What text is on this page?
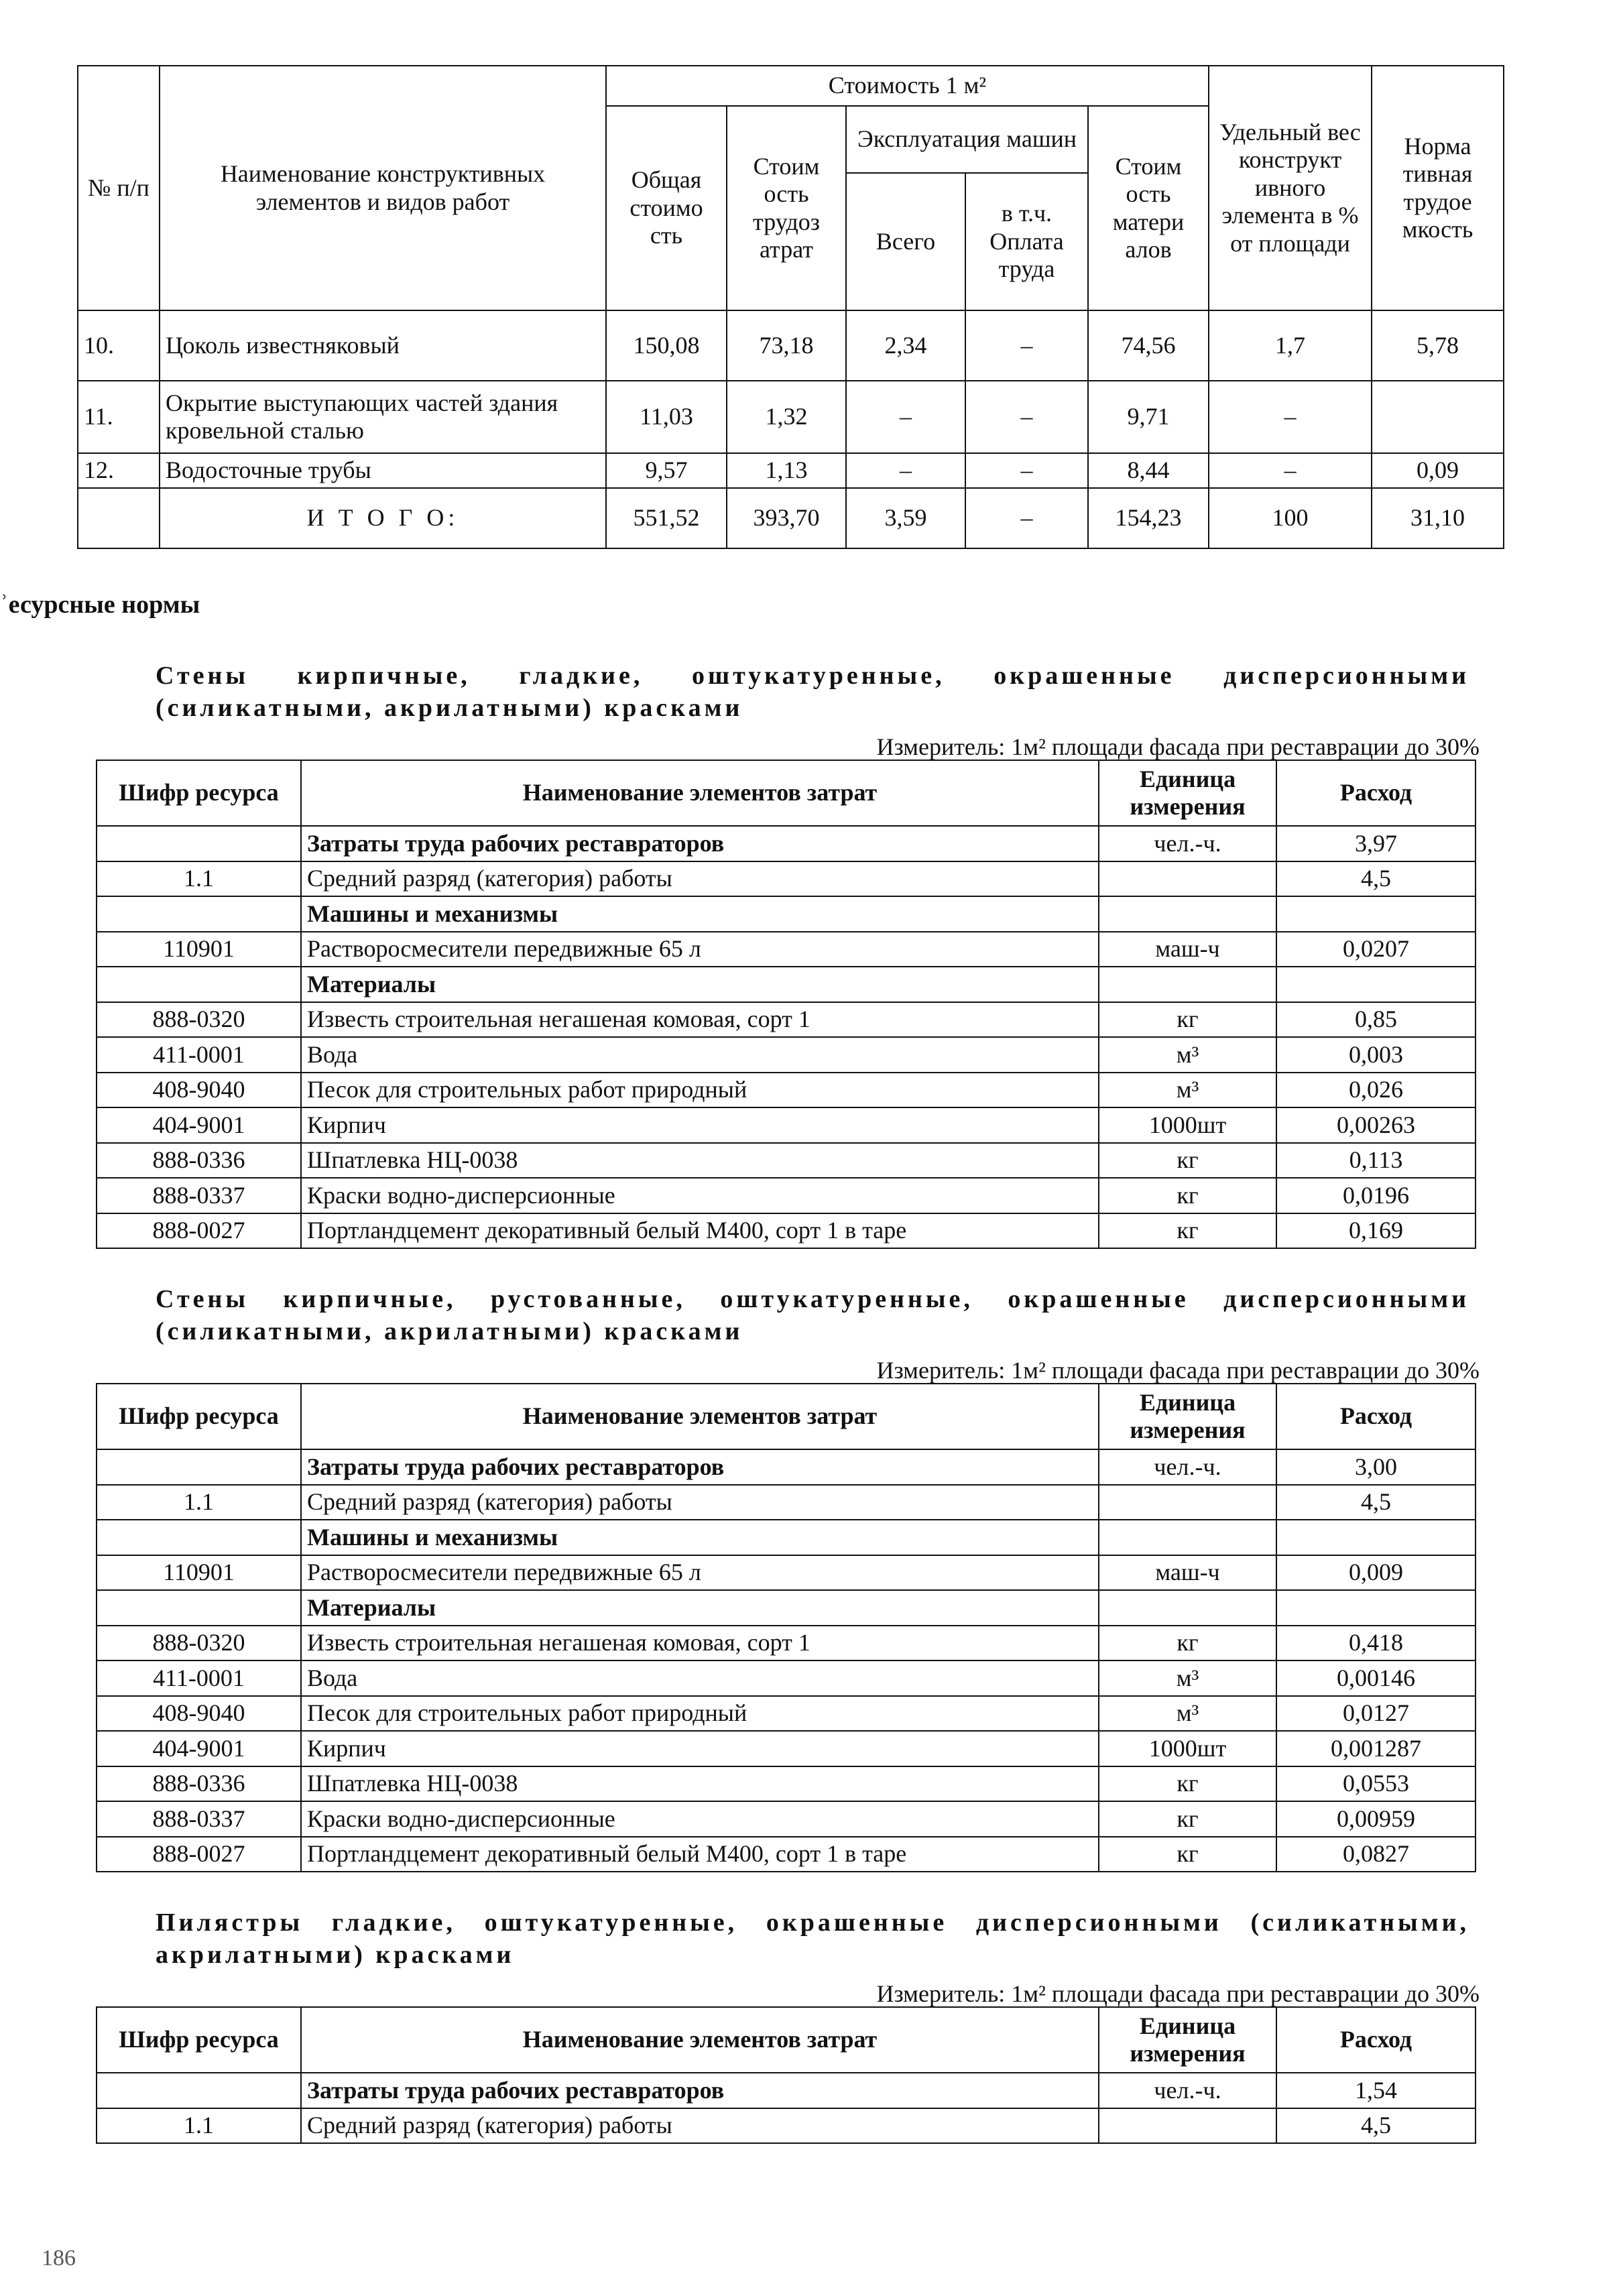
№ п/п	Наименование конструктивных элементов и видов работ	Стоимость 1 м²					Удельный вес конструкт ивного элемента в % от площади	Норма тивная трудое мкость
		Общая стоимо сть	Стоим ость трудоз атрат	Эксплуатация машин		Стоим ость матери алов		
				Всего	в т.ч. Оплата труда			
10.	Цоколь известняковый	150,08	73,18	2,34	–	74,56	1,7	5,78
11.	Окрытие выступающих частей здания кровельной сталью	11,03	1,32	–	–	9,71	–	
12.	Водосточные трубы	9,57	1,13	–	–	8,44	–	0,09
	И Т О Г О:	551,52	393,70	3,59	–	154,23	100	31,10
ʾесурсные нормы
Стены кирпичные, гладкие, оштукатуренные, окрашенные дисперсионными (силикатными, акрилатными) красками
Измеритель: 1м² площади фасада при реставрации до 30%
Шифр ресурса	Наименование элементов затрат	Единица измерения	Расход
	Затраты труда рабочих реставраторов	чел.-ч.	3,97
1.1	Средний разряд (категория) работы		4,5
	Машины и механизмы		
110901	Растворосмесители передвижные 65 л	маш-ч	0,0207
	Материалы		
888-0320	Известь строительная негашеная комовая, сорт 1	кг	0,85
411-0001	Вода	м³	0,003
408-9040	Песок для строительных работ природный	м³	0,026
404-9001	Кирпич	1000шт	0,00263
888-0336	Шпатлевка НЦ-0038	кг	0,113
888-0337	Краски водно-дисперсионные	кг	0,0196
888-0027	Портландцемент декоративный белый М400, сорт 1 в таре	кг	0,169
Стены кирпичные, рустованные, оштукатуренные, окрашенные дисперсионными (силикатными, акрилатными) красками
Измеритель: 1м² площади фасада при реставрации до 30%
Шифр ресурса	Наименование элементов затрат	Единица измерения	Расход
	Затраты труда рабочих реставраторов	чел.-ч.	3,00
1.1	Средний разряд (категория) работы		4,5
	Машины и механизмы		
110901	Растворосмесители передвижные 65 л	маш-ч	0,009
	Материалы		
888-0320	Известь строительная негашеная комовая, сорт 1	кг	0,418
411-0001	Вода	м³	0,00146
408-9040	Песок для строительных работ природный	м³	0,0127
404-9001	Кирпич	1000шт	0,001287
888-0336	Шпатлевка НЦ-0038	кг	0,0553
888-0337	Краски водно-дисперсионные	кг	0,00959
888-0027	Портландцемент декоративный белый М400, сорт 1 в таре	кг	0,0827
Пилястры гладкие, оштукатуренные, окрашенные дисперсионными (силикатными, акрилатными) красками
Измеритель: 1м² площади фасада при реставрации до 30%
Шифр ресурса	Наименование элементов затрат	Единица измерения	Расход
	Затраты труда рабочих реставраторов	чел.-ч.	1,54
1.1	Средний разряд (категория) работы		4,5
186
